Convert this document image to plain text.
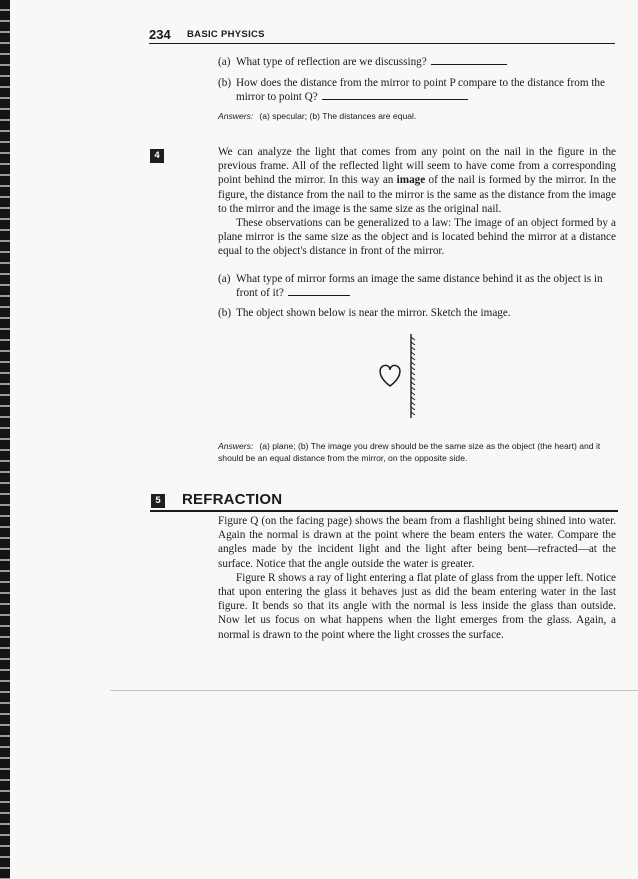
234 BASIC PHYSICS
(a) What type of reflection are we discussing?
(b) How does the distance from the mirror to point P compare to the distance from the mirror to point Q?
Answers: (a) specular; (b) The distances are equal.
4	We can analyze the light that comes from any point on the nail in the figure in the previous frame. All of the reflected light will seem to have come from a corresponding point behind the mirror. In this way an image of the nail is formed by the mirror. In the figure, the distance from the nail to the mirror is the same as the distance from the image to the mirror and the image is the same size as the original nail.

These observations can be generalized to a law: The image of an object formed by a plane mirror is the same size as the object and is located behind the mirror at a distance equal to the object's distance in front of the mirror.

(a) What type of mirror forms an image the same distance behind it as the object is in front of it?
(b) The object shown below is near the mirror. Sketch the image.
Answers: (a) plane; (b) The image you drew should be the same size as the object (the heart) and it should be an equal distance from the mirror, on the opposite side.
5 REFRACTION

Figure Q (on the facing page) shows the beam from a flashlight being shined into water. Again the normal is drawn at the point where the beam enters the water. Compare the angles made by the incident light and the light after being bent—refracted—at the surface. Notice that the angle outside the water is greater.

Figure R shows a ray of light entering a flat plate of glass from the upper left. Notice that upon entering the glass it behaves just as did the beam entering water in the last figure. It bends so that its angle with the normal is less inside the glass than outside. Now let us focus on what happens when the light emerges from the glass. Again, a normal is drawn to the point where the light crosses the surface.
